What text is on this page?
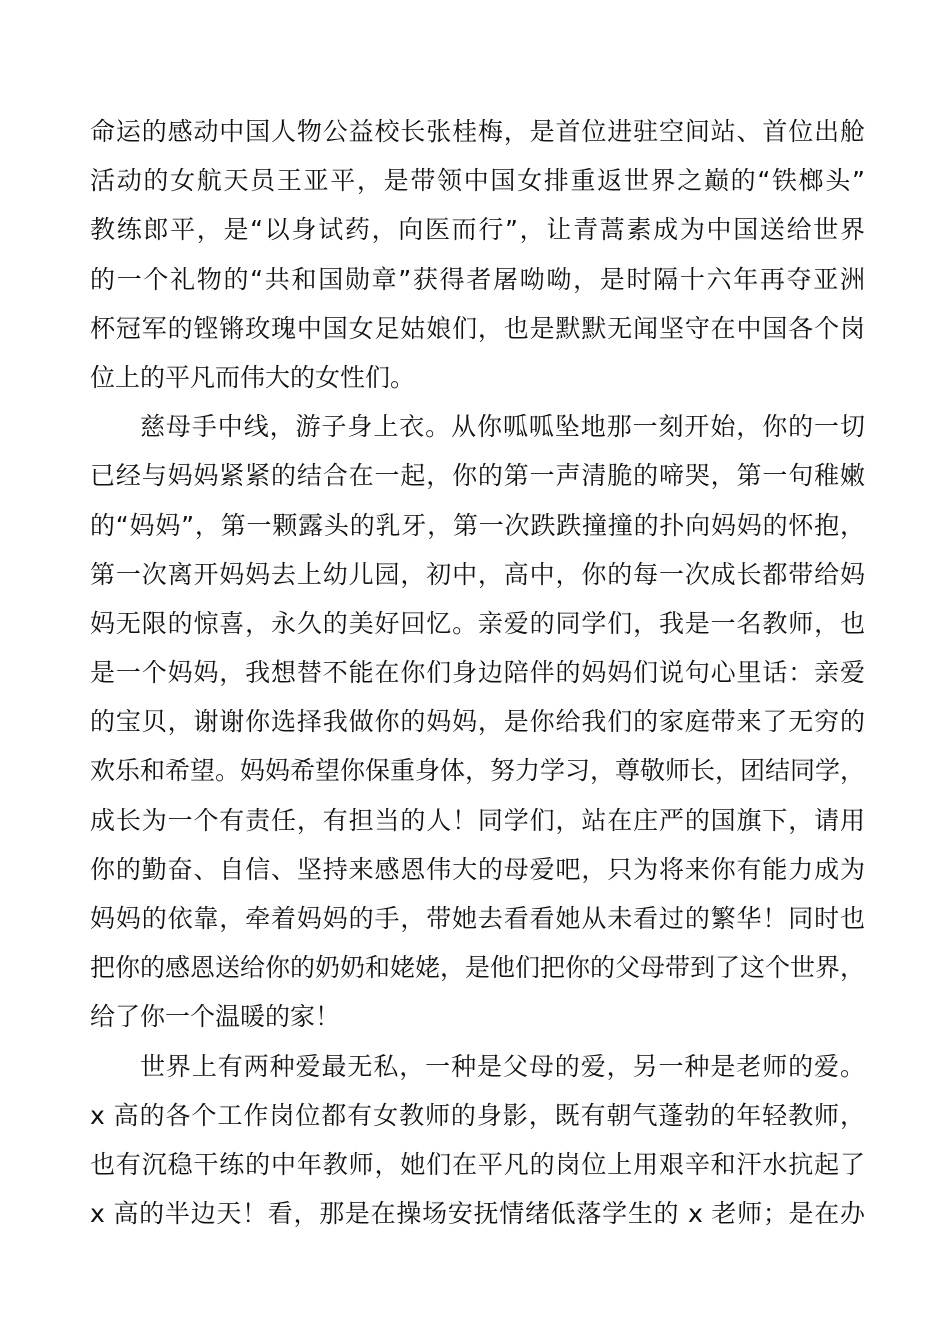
命运的感动中国人物公益校长张桂梅，是首位进驻空间站、首位出舱
活动的女航天员王亚平，是带领中国女排重返世界之巅的“铁榔头”
教练郎平，是“以身试药，向医而行”，让青蒿素成为中国送给世界
的一个礼物的“共和国勋章”获得者屠呦呦，是时隔十六年再夺亚洲
杯冠军的铿锵玫瑰中国女足姑娘们，也是默默无闻坚守在中国各个岗
位上的平凡而伟大的女性们。
慈母手中线，游子身上衣。从你呱呱坠地那一刻开始，你的一切
已经与妈妈紧紧的结合在一起，你的第一声清脆的啼哭，第一句稚嫩
的“妈妈”，第一颗露头的乳牙，第一次跌跌撞撞的扑向妈妈的怀抱，
第一次离开妈妈去上幼儿园，初中，高中，你的每一次成长都带给妈
妈无限的惊喜，永久的美好回忆。亲爱的同学们，我是一名教师，也
是一个妈妈，我想替不能在你们身边陪伴的妈妈们说句心里话：亲爱
的宝贝，谢谢你选择我做你的妈妈，是你给我们的家庭带来了无穷的
欢乐和希望。妈妈希望你保重身体，努力学习，尊敬师长，团结同学，
成长为一个有责任，有担当的人！同学们，站在庄严的国旗下，请用
你的勤奋、自信、坚持来感恩伟大的母爱吧，只为将来你有能力成为
妈妈的依靠，牵着妈妈的手，带她去看看她从未看过的繁华！同时也
把你的感恩送给你的奶奶和姥姥，是他们把你的父母带到了这个世界，
给了你一个温暖的家！
世界上有两种爱最无私，一种是父母的爱，另一种是老师的爱。
x 高的各个工作岗位都有女教师的身影，既有朝气蓬勃的年轻教师，
也有沉稳干练的中年教师，她们在平凡的岗位上用艰辛和汗水抗起了
x 高的半边天！看，那是在操场安抚情绪低落学生的 x 老师；是在办
